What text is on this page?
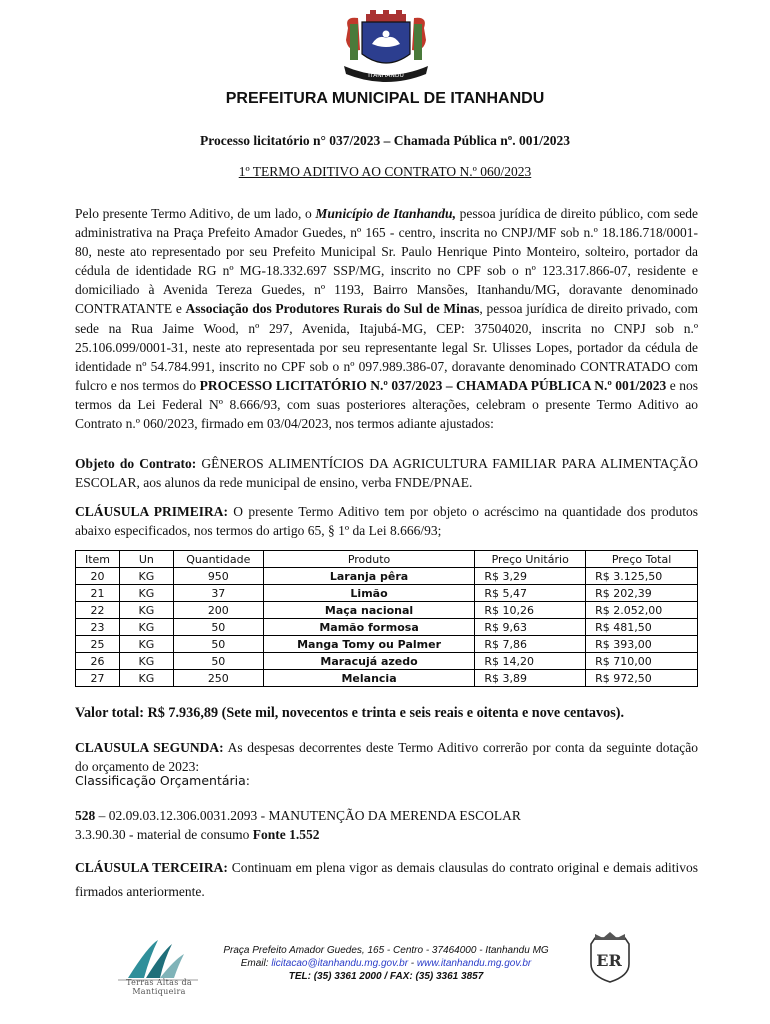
ITANHANDU
PREFEITURA MUNICIPAL DE ITANHANDU
Processo licitatório n° 037/2023 – Chamada Pública nº. 001/2023
1º TERMO ADITIVO AO CONTRATO N.º 060/2023
Pelo presente Termo Aditivo, de um lado, o Município de Itanhandu, pessoa jurídica de direito público, com sede administrativa na Praça Prefeito Amador Guedes, nº 165 - centro, inscrita no CNPJ/MF sob n.º 18.186.718/0001-80, neste ato representado por seu Prefeito Municipal Sr. Paulo Henrique Pinto Monteiro, solteiro, portador da cédula de identidade RG nº MG-18.332.697 SSP/MG, inscrito no CPF sob o nº 123.317.866-07, residente e domiciliado à Avenida Tereza Guedes, nº 1193, Bairro Mansões, Itanhandu/MG, doravante denominado CONTRATANTE e Associação dos Produtores Rurais do Sul de Minas, pessoa jurídica de direito privado, com sede na Rua Jaime Wood, nº 297, Avenida, Itajubá-MG, CEP: 37504020, inscrita no CNPJ sob n.º 25.106.099/0001-31, neste ato representada por seu representante legal Sr. Ulisses Lopes, portador da cédula de identidade nº 54.784.991, inscrito no CPF sob o nº 097.989.386-07, doravante denominado CONTRATADO com fulcro e nos termos do PROCESSO LICITATÓRIO N.º 037/2023 – CHAMADA PÚBLICA N.º 001/2023 e nos termos da Lei Federal Nº 8.666/93, com suas posteriores alterações, celebram o presente Termo Aditivo ao Contrato n.º 060/2023, firmado em 03/04/2023, nos termos adiante ajustados:
Objeto do Contrato: GÊNEROS ALIMENTÍCIOS DA AGRICULTURA FAMILIAR PARA ALIMENTAÇÃO ESCOLAR, aos alunos da rede municipal de ensino, verba FNDE/PNAE.
CLÁUSULA PRIMEIRA: O presente Termo Aditivo tem por objeto o acréscimo na quantidade dos produtos abaixo especificados, nos termos do artigo 65, § 1º da Lei 8.666/93;
Item	Un	Quantidade	Produto	Preço Unitário	Preço Total
20	KG	950	Laranja pêra	R$ 3,29	R$ 3.125,50
21	KG	37	Limão	R$ 5,47	R$ 202,39
22	KG	200	Maça nacional	R$ 10,26	R$ 2.052,00
23	KG	50	Mamão formosa	R$ 9,63	R$ 481,50
25	KG	50	Manga Tomy ou Palmer	R$ 7,86	R$ 393,00
26	KG	50	Maracujá azedo	R$ 14,20	R$ 710,00
27	KG	250	Melancia	R$ 3,89	R$ 972,50
Valor total: R$ 7.936,89 (Sete mil, novecentos e trinta e seis reais e oitenta e nove centavos).
CLAUSULA SEGUNDA: As despesas decorrentes deste Termo Aditivo correrão por conta da seguinte dotação do orçamento de 2023:
Classificação Orçamentária:
528 – 02.09.03.12.306.0031.2093 - MANUTENÇÃO DA MERENDA ESCOLAR
3.3.90.30 - material de consumo Fonte 1.552
CLÁUSULA TERCEIRA: Continuam em plena vigor as demais clausulas do contrato original e demais aditivos firmados anteriormente.
Terras Altas da Mantiqueira
Praça Prefeito Amador Guedes, 165 - Centro - 37464000 - Itanhandu MG
Email: licitacao@itanhandu.mg.gov.br - www.itanhandu.mg.gov.br
TEL: (35) 3361 2000 / FAX: (35) 3361 3857
ER
